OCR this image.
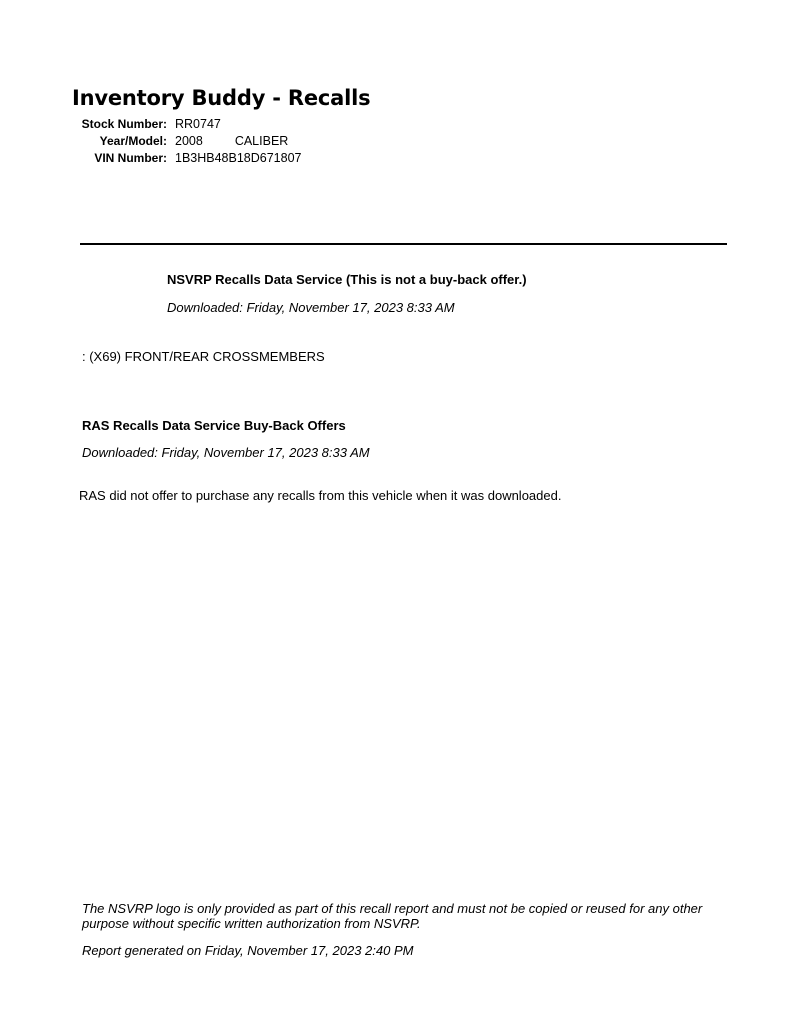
Inventory Buddy - Recalls
Stock Number: RR0747
Year/Model: 2008	CALIBER
VIN Number: 1B3HB48B18D671807
NSVRP Recalls Data Service (This is not a buy-back offer.)
Downloaded: Friday, November 17, 2023 8:33 AM
: (X69) FRONT/REAR CROSSMEMBERS
RAS Recalls Data Service Buy-Back Offers
Downloaded: Friday, November 17, 2023 8:33 AM
RAS did not offer to purchase any recalls from this vehicle when it was downloaded.
The NSVRP logo is only provided as part of this recall report and must not be copied or reused for any other purpose without specific written authorization from NSVRP.
Report generated on Friday, November 17, 2023 2:40 PM
